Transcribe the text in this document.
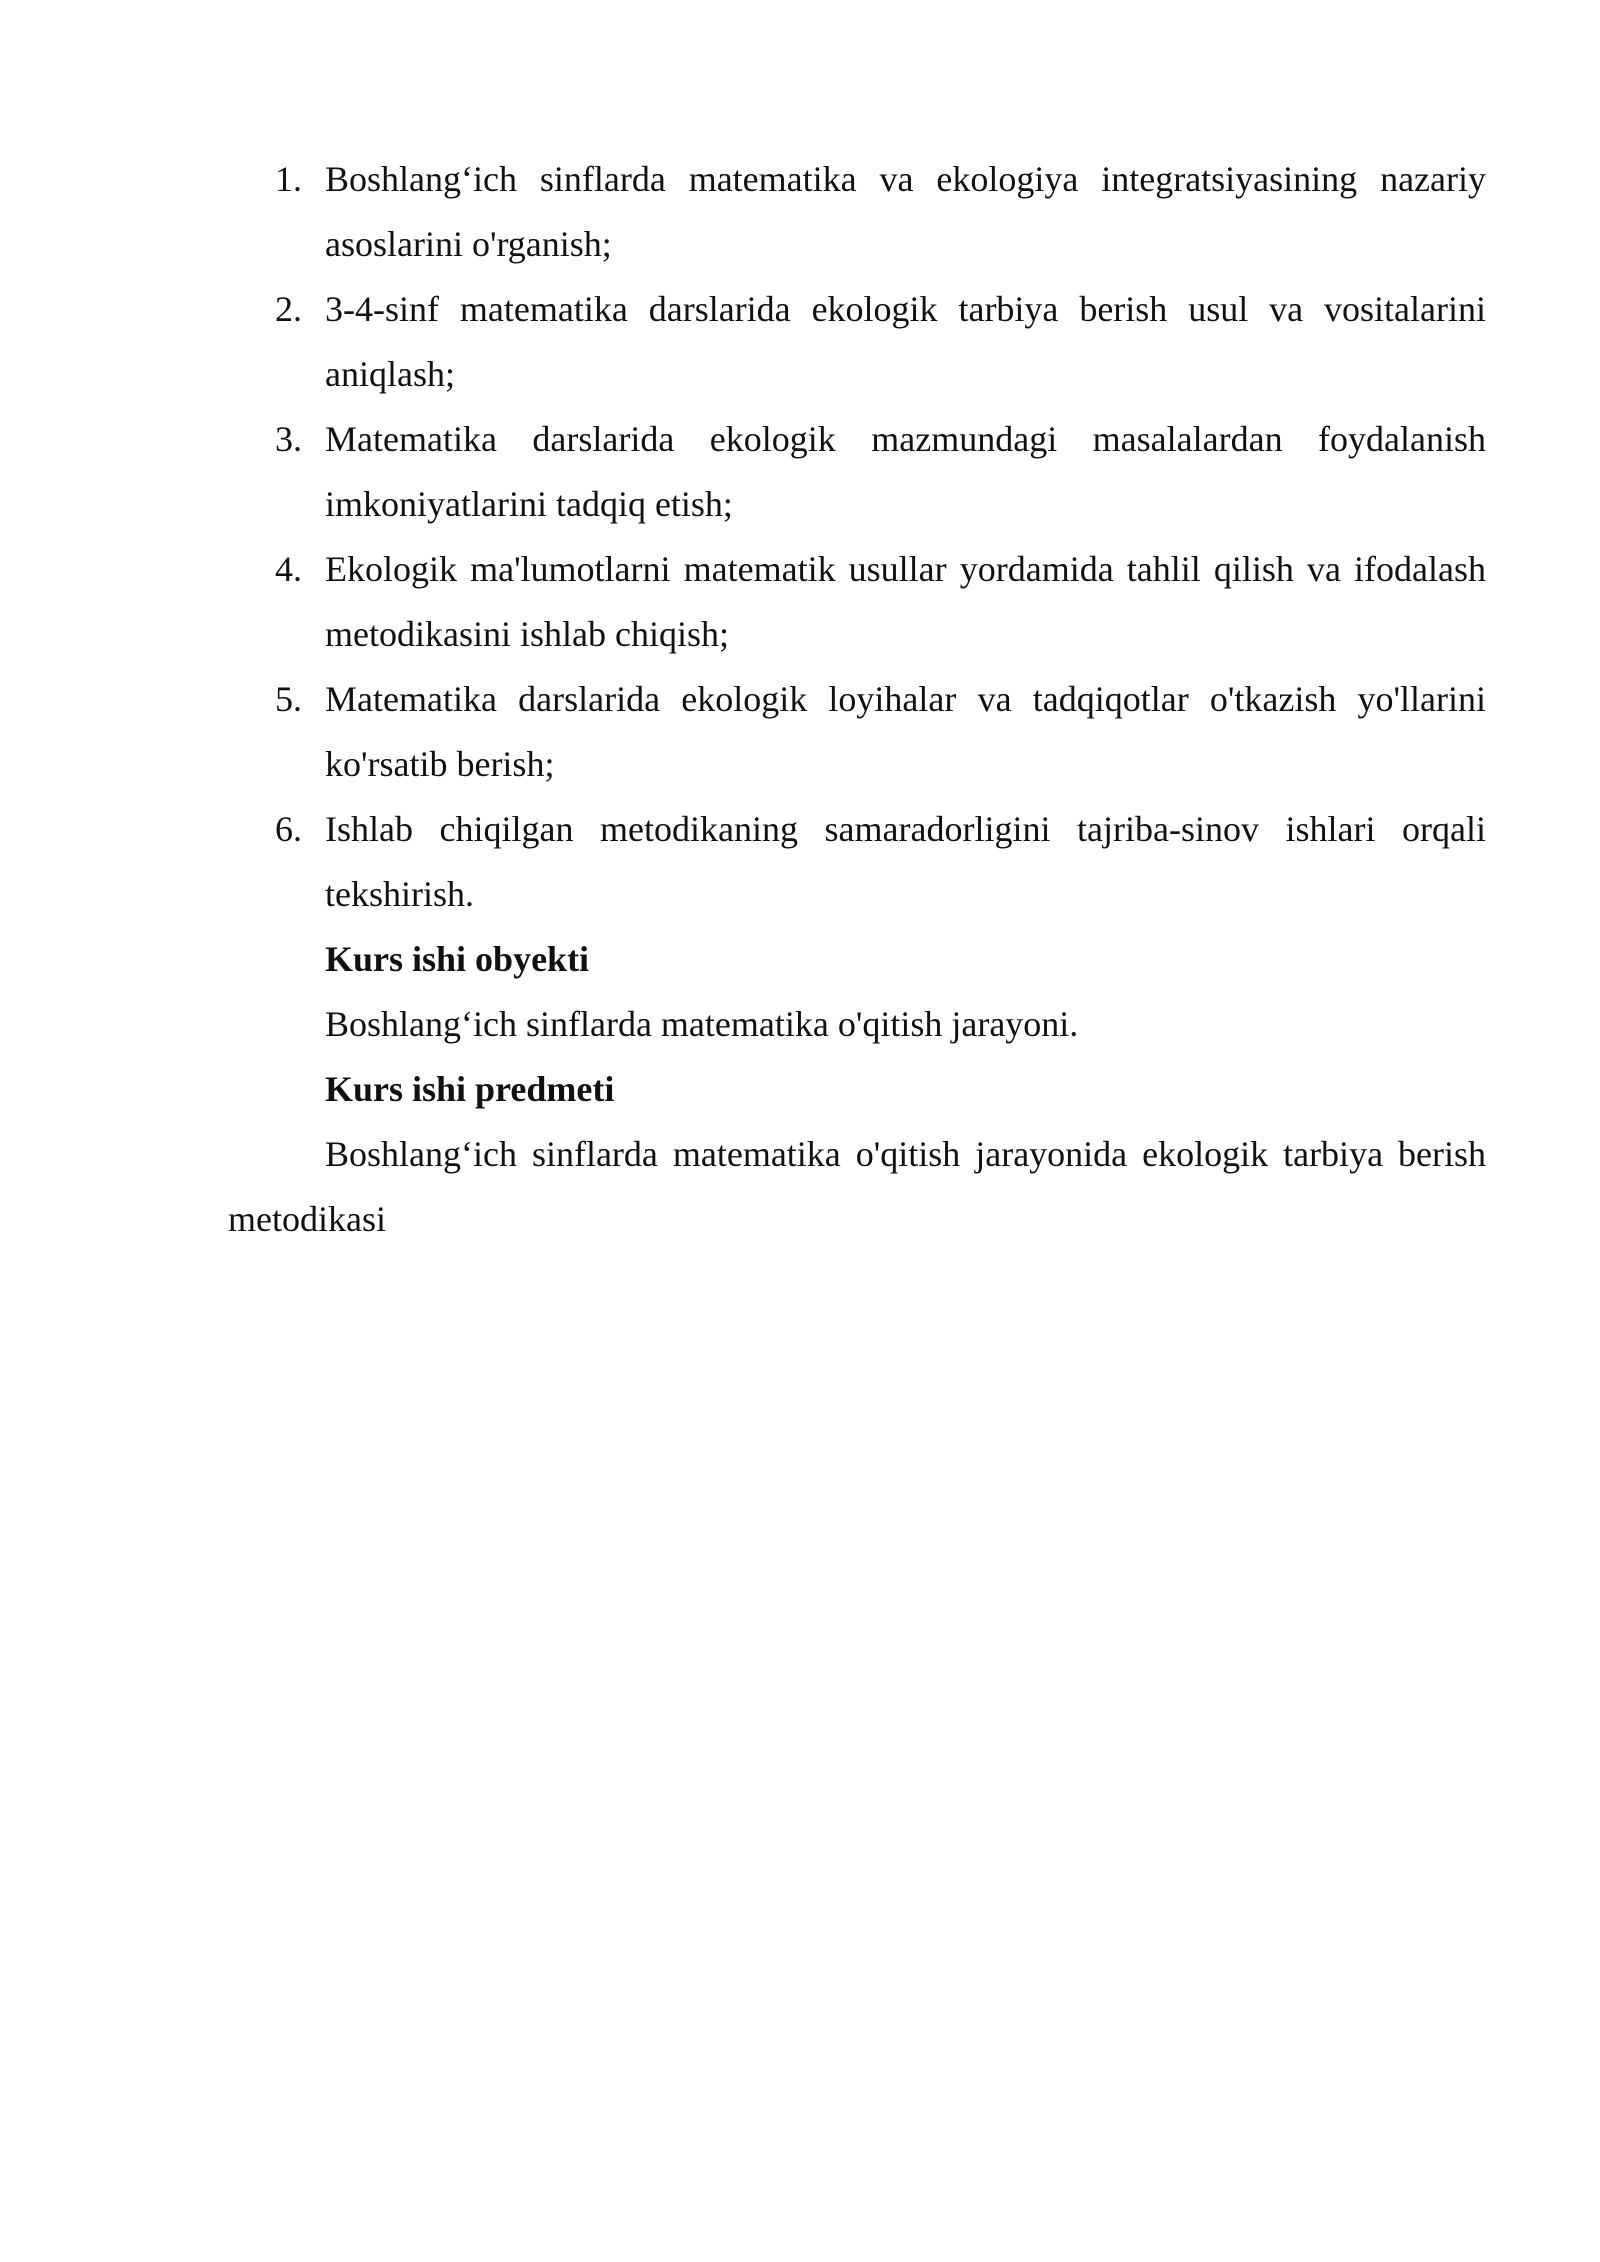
1. Boshlang‘ich sinflarda matematika va ekologiya integratsiyasining nazariy asoslarini o'rganish;
2. 3-4-sinf matematika darslarida ekologik tarbiya berish usul va vositalarini aniqlash;
3. Matematika darslarida ekologik mazmundagi masalalardan foydalanish imkoniyatlarini tadqiq etish;
4. Ekologik ma'lumotlarni matematik usullar yordamida tahlil qilish va ifodalash metodikasini ishlab chiqish;
5. Matematika darslarida ekologik loyihalar va tadqiqotlar o'tkazish yo'llarini ko'rsatib berish;
6. Ishlab chiqilgan metodikaning samaradorligini tajriba-sinov ishlari orqali tekshirish.
Kurs ishi obyekti

Boshlang‘ich sinflarda matematika o'qitish jarayoni.

Kurs ishi predmeti

Boshlang‘ich sinflarda matematika o'qitish jarayonida ekologik tarbiya berish metodikasi
